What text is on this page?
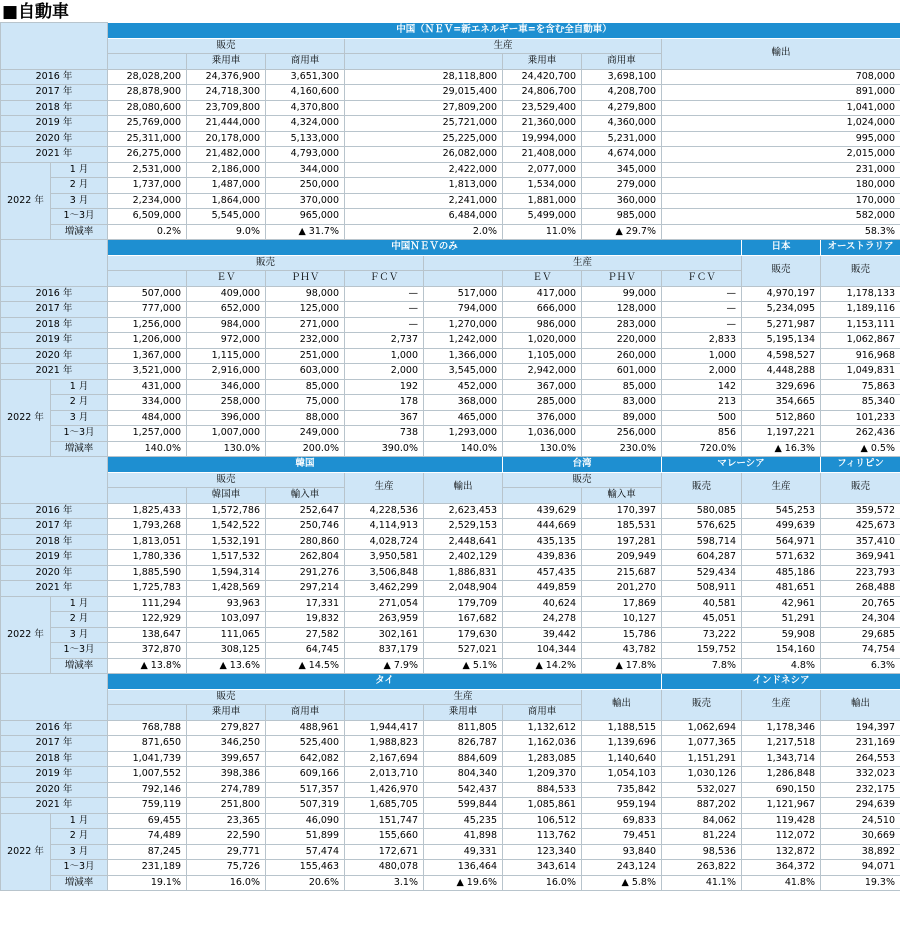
■自動車
		中国（ＮＥＶ=新エネルギー車=を含む全自動車）									
		販売			生産				輸出		
			乗用車	商用車			乗用車	商用車			
2016 年		28,028,200	24,376,900	3,651,300	28,118,800		24,420,700	3,698,100	708,000		
2017 年		28,878,900	24,718,300	4,160,600	29,015,400		24,806,700	4,208,700	891,000		
2018 年		28,080,600	23,709,800	4,370,800	27,809,200		23,529,400	4,279,800	1,041,000		
2019 年		25,769,000	21,444,000	4,324,000	25,721,000		21,360,000	4,360,000	1,024,000		
2020 年		25,311,000	20,178,000	5,133,000	25,225,000		19,994,000	5,231,000	995,000		
2021 年		26,275,000	21,482,000	4,793,000	26,082,000		21,408,000	4,674,000	2,015,000		
2022 年	1 月	2,531,000	2,186,000	344,000	2,422,000		2,077,000	345,000	231,000		
	2 月	1,737,000	1,487,000	250,000	1,813,000		1,534,000	279,000	180,000		
	3 月	2,234,000	1,864,000	370,000	2,241,000		1,881,000	360,000	170,000		
	1～3月	6,509,000	5,545,000	965,000	6,484,000		5,499,000	985,000	582,000		
	増減率	0.2%	9.0%	▲ 31.7%	2.0%		11.0%	▲ 29.7%	58.3%		
		中国ＮＥＶのみ								日本	オーストラリア
		販売				生産				販売	販売
			ＥＶ	ＰＨＶ	ＦＣＶ		ＥＶ	ＰＨＶ	ＦＣＶ		
2016 年		507,000	409,000	98,000	—	517,000	417,000	99,000	—	4,970,197	1,178,133
2017 年		777,000	652,000	125,000	—	794,000	666,000	128,000	—	5,234,095	1,189,116
2018 年		1,256,000	984,000	271,000	—	1,270,000	986,000	283,000	—	5,271,987	1,153,111
2019 年		1,206,000	972,000	232,000	2,737	1,242,000	1,020,000	220,000	2,833	5,195,134	1,062,867
2020 年		1,367,000	1,115,000	251,000	1,000	1,366,000	1,105,000	260,000	1,000	4,598,527	916,968
2021 年		3,521,000	2,916,000	603,000	2,000	3,545,000	2,942,000	601,000	2,000	4,448,288	1,049,831
2022 年	1 月	431,000	346,000	85,000	192	452,000	367,000	85,000	142	329,696	75,863
	2 月	334,000	258,000	75,000	178	368,000	285,000	83,000	213	354,665	85,340
	3 月	484,000	396,000	88,000	367	465,000	376,000	89,000	500	512,860	101,233
	1～3月	1,257,000	1,007,000	249,000	738	1,293,000	1,036,000	256,000	856	1,197,221	262,436
	増減率	140.0%	130.0%	200.0%	390.0%	140.0%	130.0%	230.0%	720.0%	▲ 16.3%	▲ 0.5%
		韓国					台湾		マレーシア		フィリピン
		販売			生産	輸出	販売		販売	生産	販売
			韓国車	輸入車				輸入車			
2016 年		1,825,433	1,572,786	252,647	4,228,536	2,623,453	439,629	170,397	580,085	545,253	359,572
2017 年		1,793,268	1,542,522	250,746	4,114,913	2,529,153	444,669	185,531	576,625	499,639	425,673
2018 年		1,813,051	1,532,191	280,860	4,028,724	2,448,641	435,135	197,281	598,714	564,971	357,410
2019 年		1,780,336	1,517,532	262,804	3,950,581	2,402,129	439,836	209,949	604,287	571,632	369,941
2020 年		1,885,590	1,594,314	291,276	3,506,848	1,886,831	457,435	215,687	529,434	485,186	223,793
2021 年		1,725,783	1,428,569	297,214	3,462,299	2,048,904	449,859	201,270	508,911	481,651	268,488
2022 年	1 月	111,294	93,963	17,331	271,054	179,709	40,624	17,869	40,581	42,961	20,765
	2 月	122,929	103,097	19,832	263,959	167,682	24,278	10,127	45,051	51,291	24,304
	3 月	138,647	111,065	27,582	302,161	179,630	39,442	15,786	73,222	59,908	29,685
	1～3月	372,870	308,125	64,745	837,179	527,021	104,344	43,782	159,752	154,160	74,754
	増減率	▲ 13.8%	▲ 13.6%	▲ 14.5%	▲ 7.9%	▲ 5.1%	▲ 14.2%	▲ 17.8%	7.8%	4.8%	6.3%
		タイ							インドネシア		
		販売			生産			輸出	販売	生産	輸出
			乗用車	商用車		乗用車	商用車				
2016 年		768,788	279,827	488,961	1,944,417	811,805	1,132,612	1,188,515	1,062,694	1,178,346	194,397
2017 年		871,650	346,250	525,400	1,988,823	826,787	1,162,036	1,139,696	1,077,365	1,217,518	231,169
2018 年		1,041,739	399,657	642,082	2,167,694	884,609	1,283,085	1,140,640	1,151,291	1,343,714	264,553
2019 年		1,007,552	398,386	609,166	2,013,710	804,340	1,209,370	1,054,103	1,030,126	1,286,848	332,023
2020 年		792,146	274,789	517,357	1,426,970	542,437	884,533	735,842	532,027	690,150	232,175
2021 年		759,119	251,800	507,319	1,685,705	599,844	1,085,861	959,194	887,202	1,121,967	294,639
2022 年	1 月	69,455	23,365	46,090	151,747	45,235	106,512	69,833	84,062	119,428	24,510
	2 月	74,489	22,590	51,899	155,660	41,898	113,762	79,451	81,224	112,072	30,669
	3 月	87,245	29,771	57,474	172,671	49,331	123,340	93,840	98,536	132,872	38,892
	1～3月	231,189	75,726	155,463	480,078	136,464	343,614	243,124	263,822	364,372	94,071
	増減率	19.1%	16.0%	20.6%	3.1%	▲ 19.6%	16.0%	▲ 5.8%	41.1%	41.8%	19.3%
